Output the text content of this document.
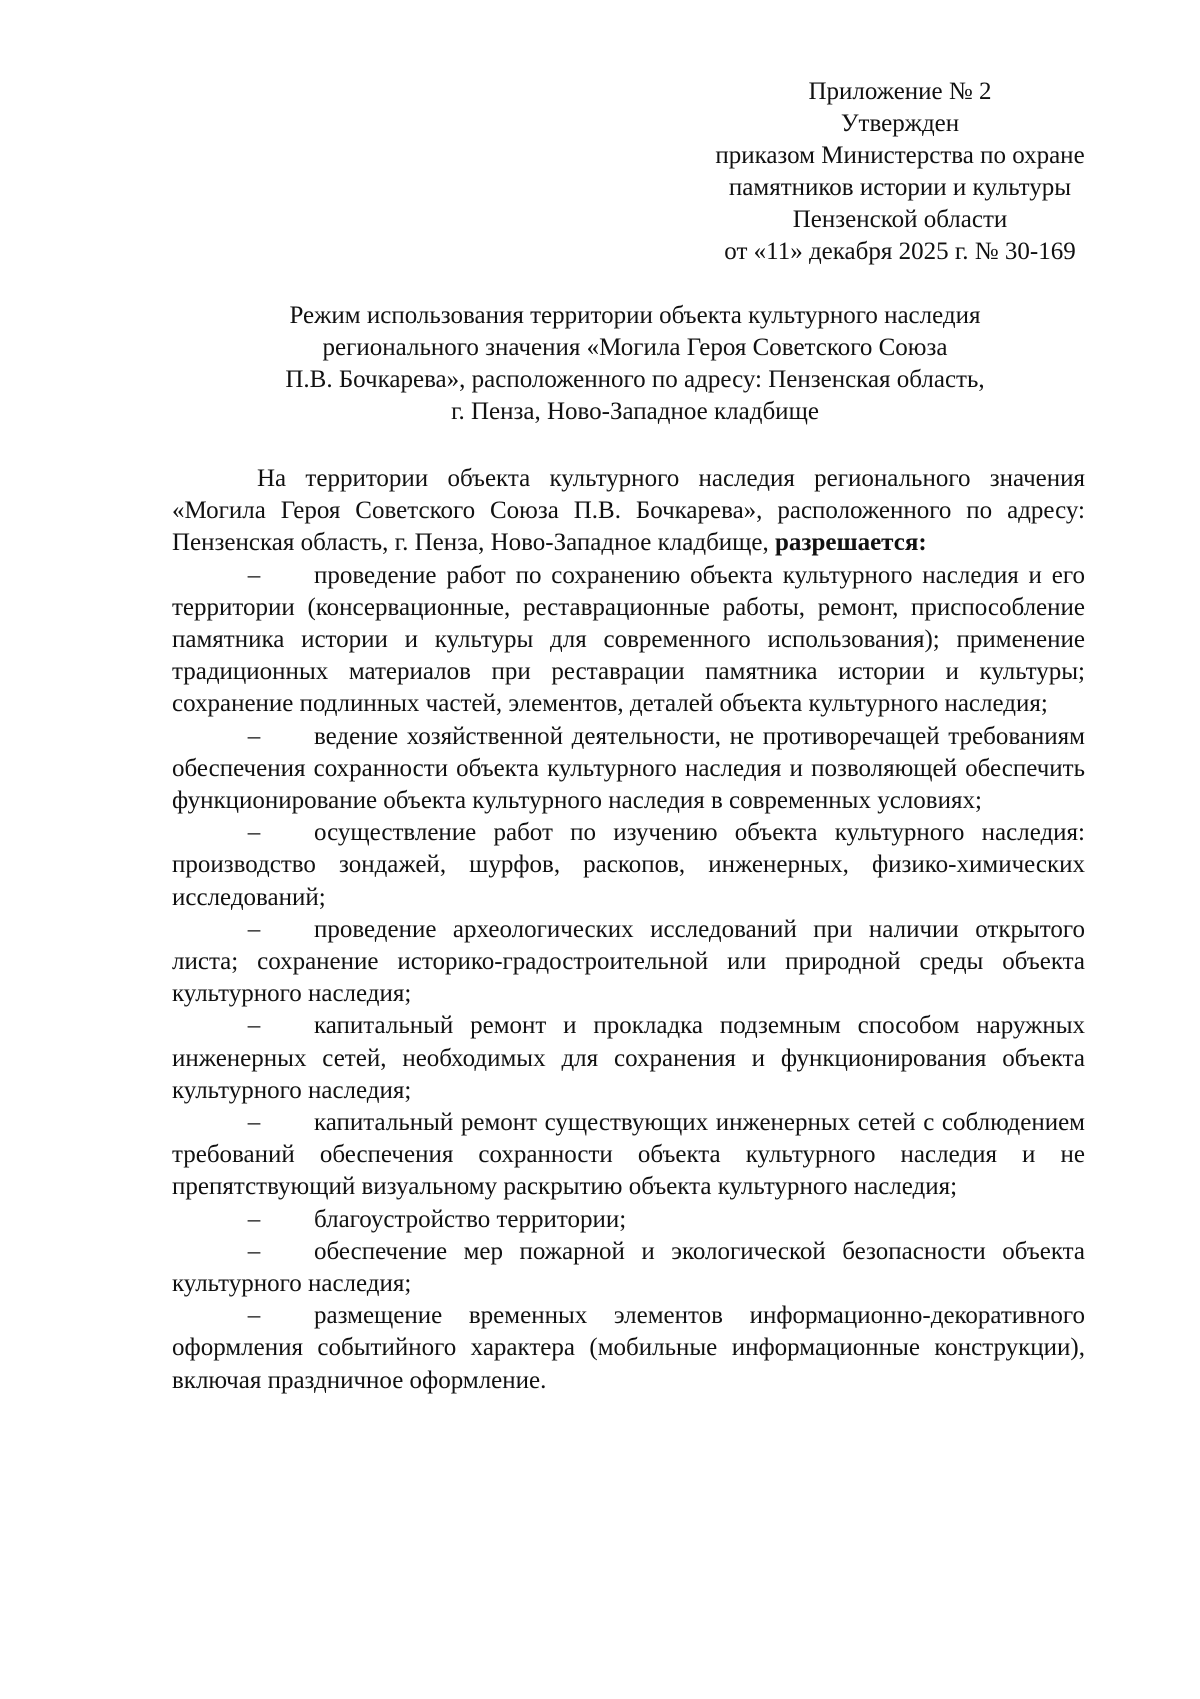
Приложение № 2
Утвержден
приказом Министерства по охране
памятников истории и культуры
Пензенской области
от «11» декабря 2025 г. № 30-169
Режим использования территории объекта культурного наследия
регионального значения «Могила Героя Советского Союза
П.В. Бочкарева», расположенного по адресу: Пензенская область,
г. Пенза, Ново-Западное кладбище

На территории объекта культурного наследия регионального значения «Могила Героя Советского Союза П.В. Бочкарева», расположенного по адресу: Пензенская область, г. Пенза, Ново-Западное кладбище, разрешается:

– проведение работ по сохранению объекта культурного наследия и его территории (консервационные, реставрационные работы, ремонт, приспособление памятника истории и культуры для современного использования); применение традиционных материалов при реставрации памятника истории и культуры; сохранение подлинных частей, элементов, деталей объекта культурного наследия;

– ведение хозяйственной деятельности, не противоречащей требованиям обеспечения сохранности объекта культурного наследия и позволяющей обеспечить функционирование объекта культурного наследия в современных условиях;

– осуществление работ по изучению объекта культурного наследия: производство зондажей, шурфов, раскопов, инженерных, физико-химических исследований;

– проведение археологических исследований при наличии открытого листа; сохранение историко-градостроительной или природной среды объекта культурного наследия;

– капитальный ремонт и прокладка подземным способом наружных инженерных сетей, необходимых для сохранения и функционирования объекта культурного наследия;

– капитальный ремонт существующих инженерных сетей с соблюдением требований обеспечения сохранности объекта культурного наследия и не препятствующий визуальному раскрытию объекта культурного наследия;

– благоустройство территории;

– обеспечение мер пожарной и экологической безопасности объекта культурного наследия;

– размещение временных элементов информационно-декоративного оформления событийного характера (мобильные информационные конструкции), включая праздничное оформление.
